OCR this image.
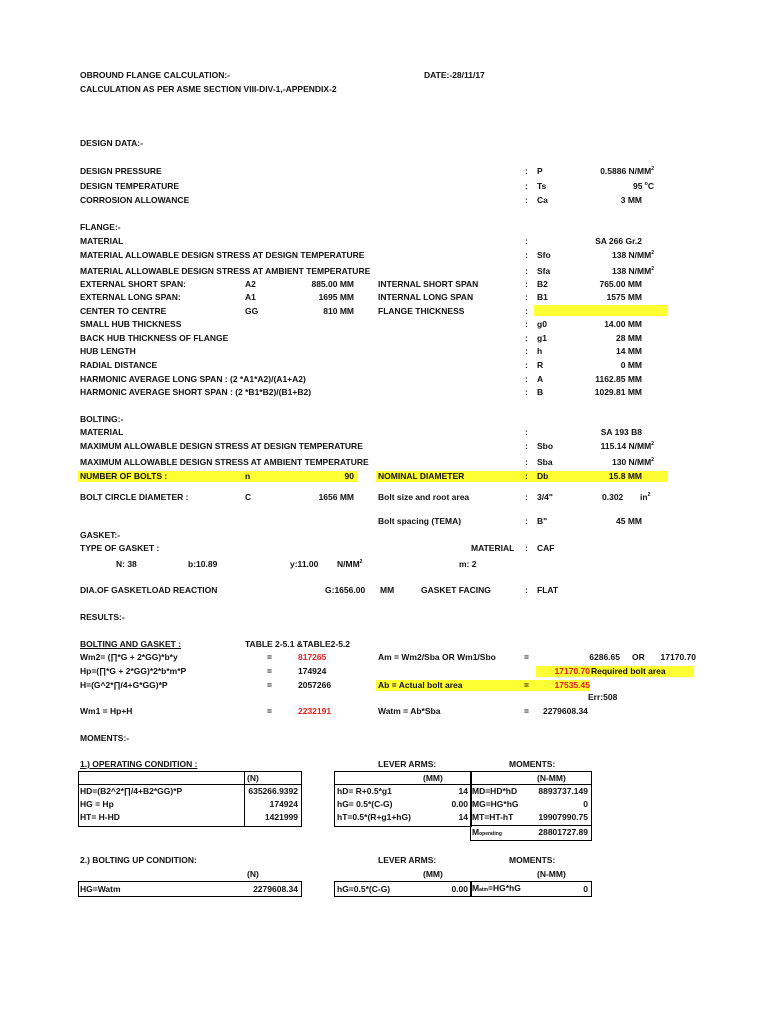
OBROUND FLANGE CALCULATION:-	DATE:-28/11/17
CALCULATION AS PER ASME SECTION VIII-DIV-1,-APPENDIX-2
DESIGN DATA:-
DESIGN PRESSURE	: P	0.5886 $N/MM^2$
DESIGN TEMPERATURE	: Ts	95 $^o$C
CORROSION ALLOWANCE	: Ca	3 MM
FLANGE:-
MATERIAL	:	SA 266 Gr.2
MATERIAL ALLOWABLE DESIGN STRESS AT DESIGN TEMPERATURE	: Sfo	138 $N/MM^2$
MATERIAL ALLOWABLE DESIGN STRESS AT AMBIENT TEMPERATURE	: Sfa	138 $N/MM^2$
EXTERNAL SHORT SPAN:	A2	885.00 MM	INTERNAL SHORT SPAN	: B2	765.00 MM
EXTERNAL LONG SPAN:	A1	1695 MM	INTERNAL LONG SPAN	: B1	1575 MM
CENTER TO CENTRE	GG	810 MM	FLANGE THICKNESS	:
SMALL HUB THICKNESS	: g0	14.00 MM
BACK HUB THICKNESS OF FLANGE	: g1	28 MM
HUB LENGTH	: h	14 MM
RADIAL DISTANCE	: R	0 MM
HARMONIC AVERAGE LONG SPAN : (2 *A1*A2)/(A1+A2)	: A	1162.85 MM
HARMONIC AVERAGE SHORT SPAN : (2 *B1*B2)/(B1+B2)	: B	1029.81 MM
BOLTING:-
MATERIAL	:	SA 193 B8
MAXIMUM ALLOWABLE DESIGN STRESS AT DESIGN TEMPERATURE	: Sbo	115.14 $N/MM^2$
MAXIMUM ALLOWABLE DESIGN STRESS AT AMBIENT TEMPERATURE	: Sba	130 $N/MM^2$
NUMBER OF BOLTS :	n	90	NOMINAL DIAMETER	: Db	15.8 MM
BOLT CIRCLE DIAMETER :	C	1656 MM	Bolt size and root area	: 3/4"	0.302 $in^2$
Bolt spacing (TEMA)	: B"	45 MM
GASKET:-
TYPE OF GASKET :	MATERIAL : CAF
N: 38	b:10.89	y:11.00 $N/MM^2$	m: 2
DIA.OF GASKETLOAD REACTION	G:1656.00 MM	GASKET FACING	: FLAT
RESULTS:-
BOLTING AND GASKET :	TABLE 2-5.1 &TABLE2-5.2
Wm2= (∏*G + 2*GG)*b*y	=	817265	Am = Wm2/Sba OR Wm1/Sbo	=	6286.65 OR	17170.70
Hp=(∏*G + 2*GG)*2*b*m*P	=	174924	17170.70 Required bolt area
H=(G^2*∏/4+G*GG)*P	=	2057266	Ab = Actual bolt area	=	17535.45
Err:508
Wm1 = Hp+H	=	2232191	Watm = Ab*Sba	= 2279608.34
MOMENTS:-
1.) OPERATING CONDITION :	LEVER ARMS:	MOMENTS:
(N)	(MM)	(N-MM)
HD=(B2^2*∏/4+B2*GG)*P	635266.9392	hD= R+0.5*g1	14 MD=HD*hD	8893737.149
HG = Hp	174924	hG= 0.5*(C-G)	0.00 MG=HG*hG	0
HT= H-HD	1421999	hT=0.5*(R+g1+hG)	14 MT=HT-hT	19907990.75
Moperating	28801727.89
2.) BOLTING UP CONDITION:	LEVER ARMS:	MOMENTS:
(N)	(MM)	(N-MM)
HG=Watm	2279608.34	hG=0.5*(C-G)	0.00 Matm=HG*hG	0
